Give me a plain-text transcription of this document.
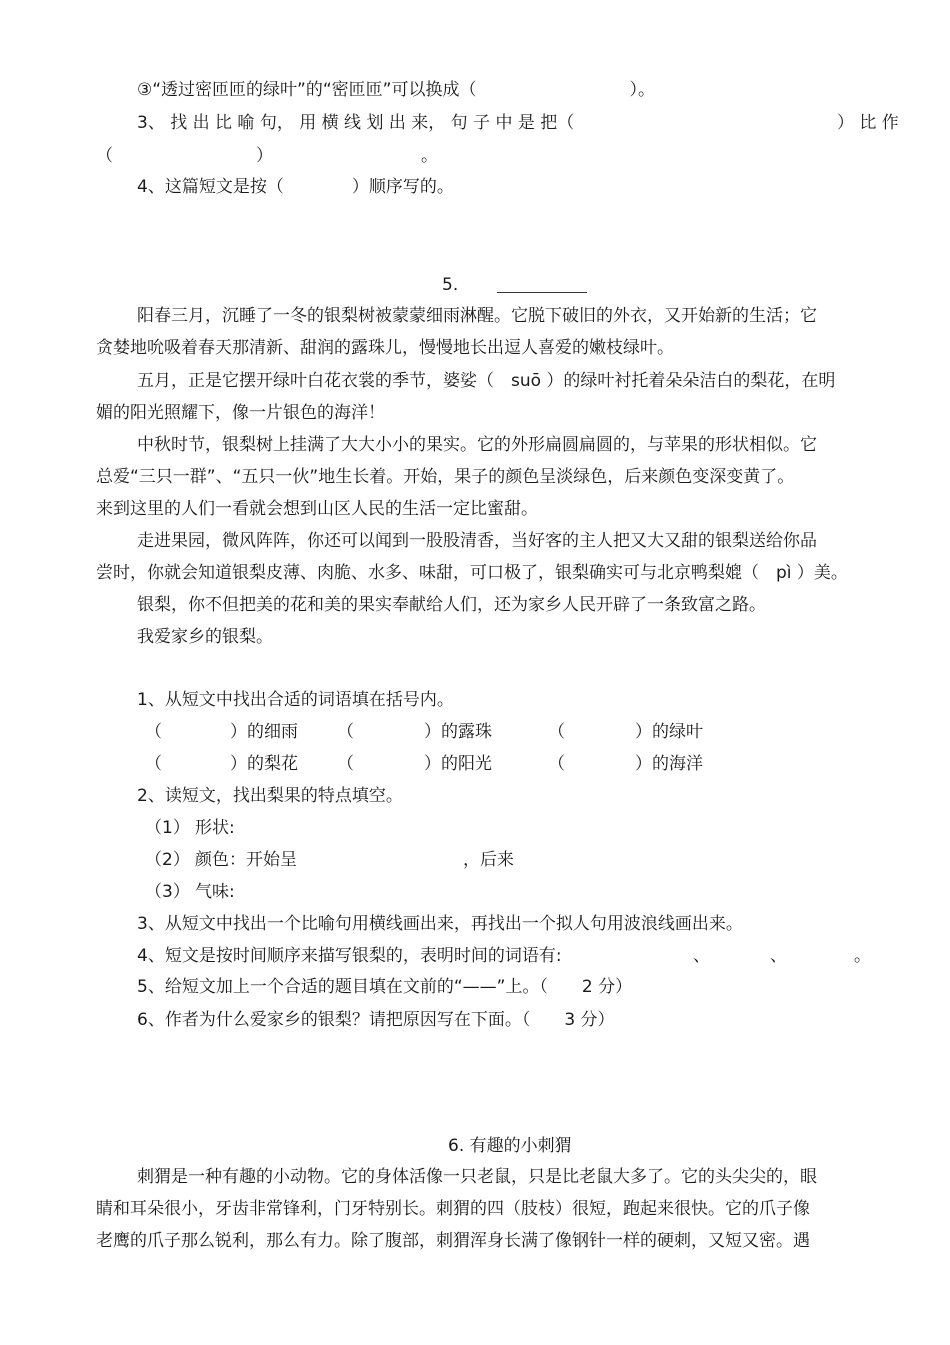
③“透过密匝匝的绿叶”的“密匝匝”可以换成（　　　　　　　　　）。
3、 找 出 比 喻 句， 用 横 线 划 出 来， 句 子 中 是 把（	） 比 作
（	）	。
4、这篇短文是按（　　　　）顺序写的。
5.
阳春三月，沉睡了一冬的银梨树被蒙蒙细雨淋醒。它脱下破旧的外衣，又开始新的生活；它
贪婪地吮吸着春天那清新、甜润的露珠儿，慢慢地长出逗人喜爱的嫩枝绿叶。
五月，正是它摆开绿叶白花衣裳的季节，婆娑（　suō ）的绿叶衬托着朵朵洁白的梨花，在明
媚的阳光照耀下，像一片银色的海洋！
中秋时节，银梨树上挂满了大大小小的果实。它的外形扁圆扁圆的，与苹果的形状相似。它
总爱“三只一群”、“五只一伙”地生长着。开始，果子的颜色呈淡绿色，后来颜色变深变黄了。
来到这里的人们一看就会想到山区人民的生活一定比蜜甜。
走进果园，微风阵阵，你还可以闻到一股股清香，当好客的主人把又大又甜的银梨送给你品
尝时，你就会知道银梨皮薄、肉脆、水多、味甜，可口极了，银梨确实可与北京鸭梨媲（　pì ）美。
银梨，你不但把美的花和美的果实奉献给人们，还为家乡人民开辟了一条致富之路。
我爱家乡的银梨。
1、从短文中找出合适的词语填在括号内。
（	）的细雨 （	）的露珠	（	）的绿叶
（	）的梨花 （	）的阳光	（	）的海洋
2、读短文，找出梨果的特点填空。
（1） 形状:
（2） 颜色：开始呈	，后来
（3） 气味:
3、从短文中找出一个比喻句用横线画出来，再找出一个拟人句用波浪线画出来。
4、短文是按时间顺序来描写银梨的，表明时间的词语有:	、	、	。
5、给短文加上一个合适的题目填在文前的“——”上。（　　2 分）
6、作者为什么爱家乡的银梨？请把原因写在下面。（　　3 分）
6. 有趣的小刺猬
刺猬是一种有趣的小动物。它的身体活像一只老鼠，只是比老鼠大多了。它的头尖尖的，眼
睛和耳朵很小，牙齿非常锋利，门牙特别长。刺猬的四（肢枝）很短，跑起来很快。它的爪子像
老鹰的爪子那么锐利，那么有力。除了腹部，刺猬浑身长满了像钢针一样的硬刺，又短又密。遇
